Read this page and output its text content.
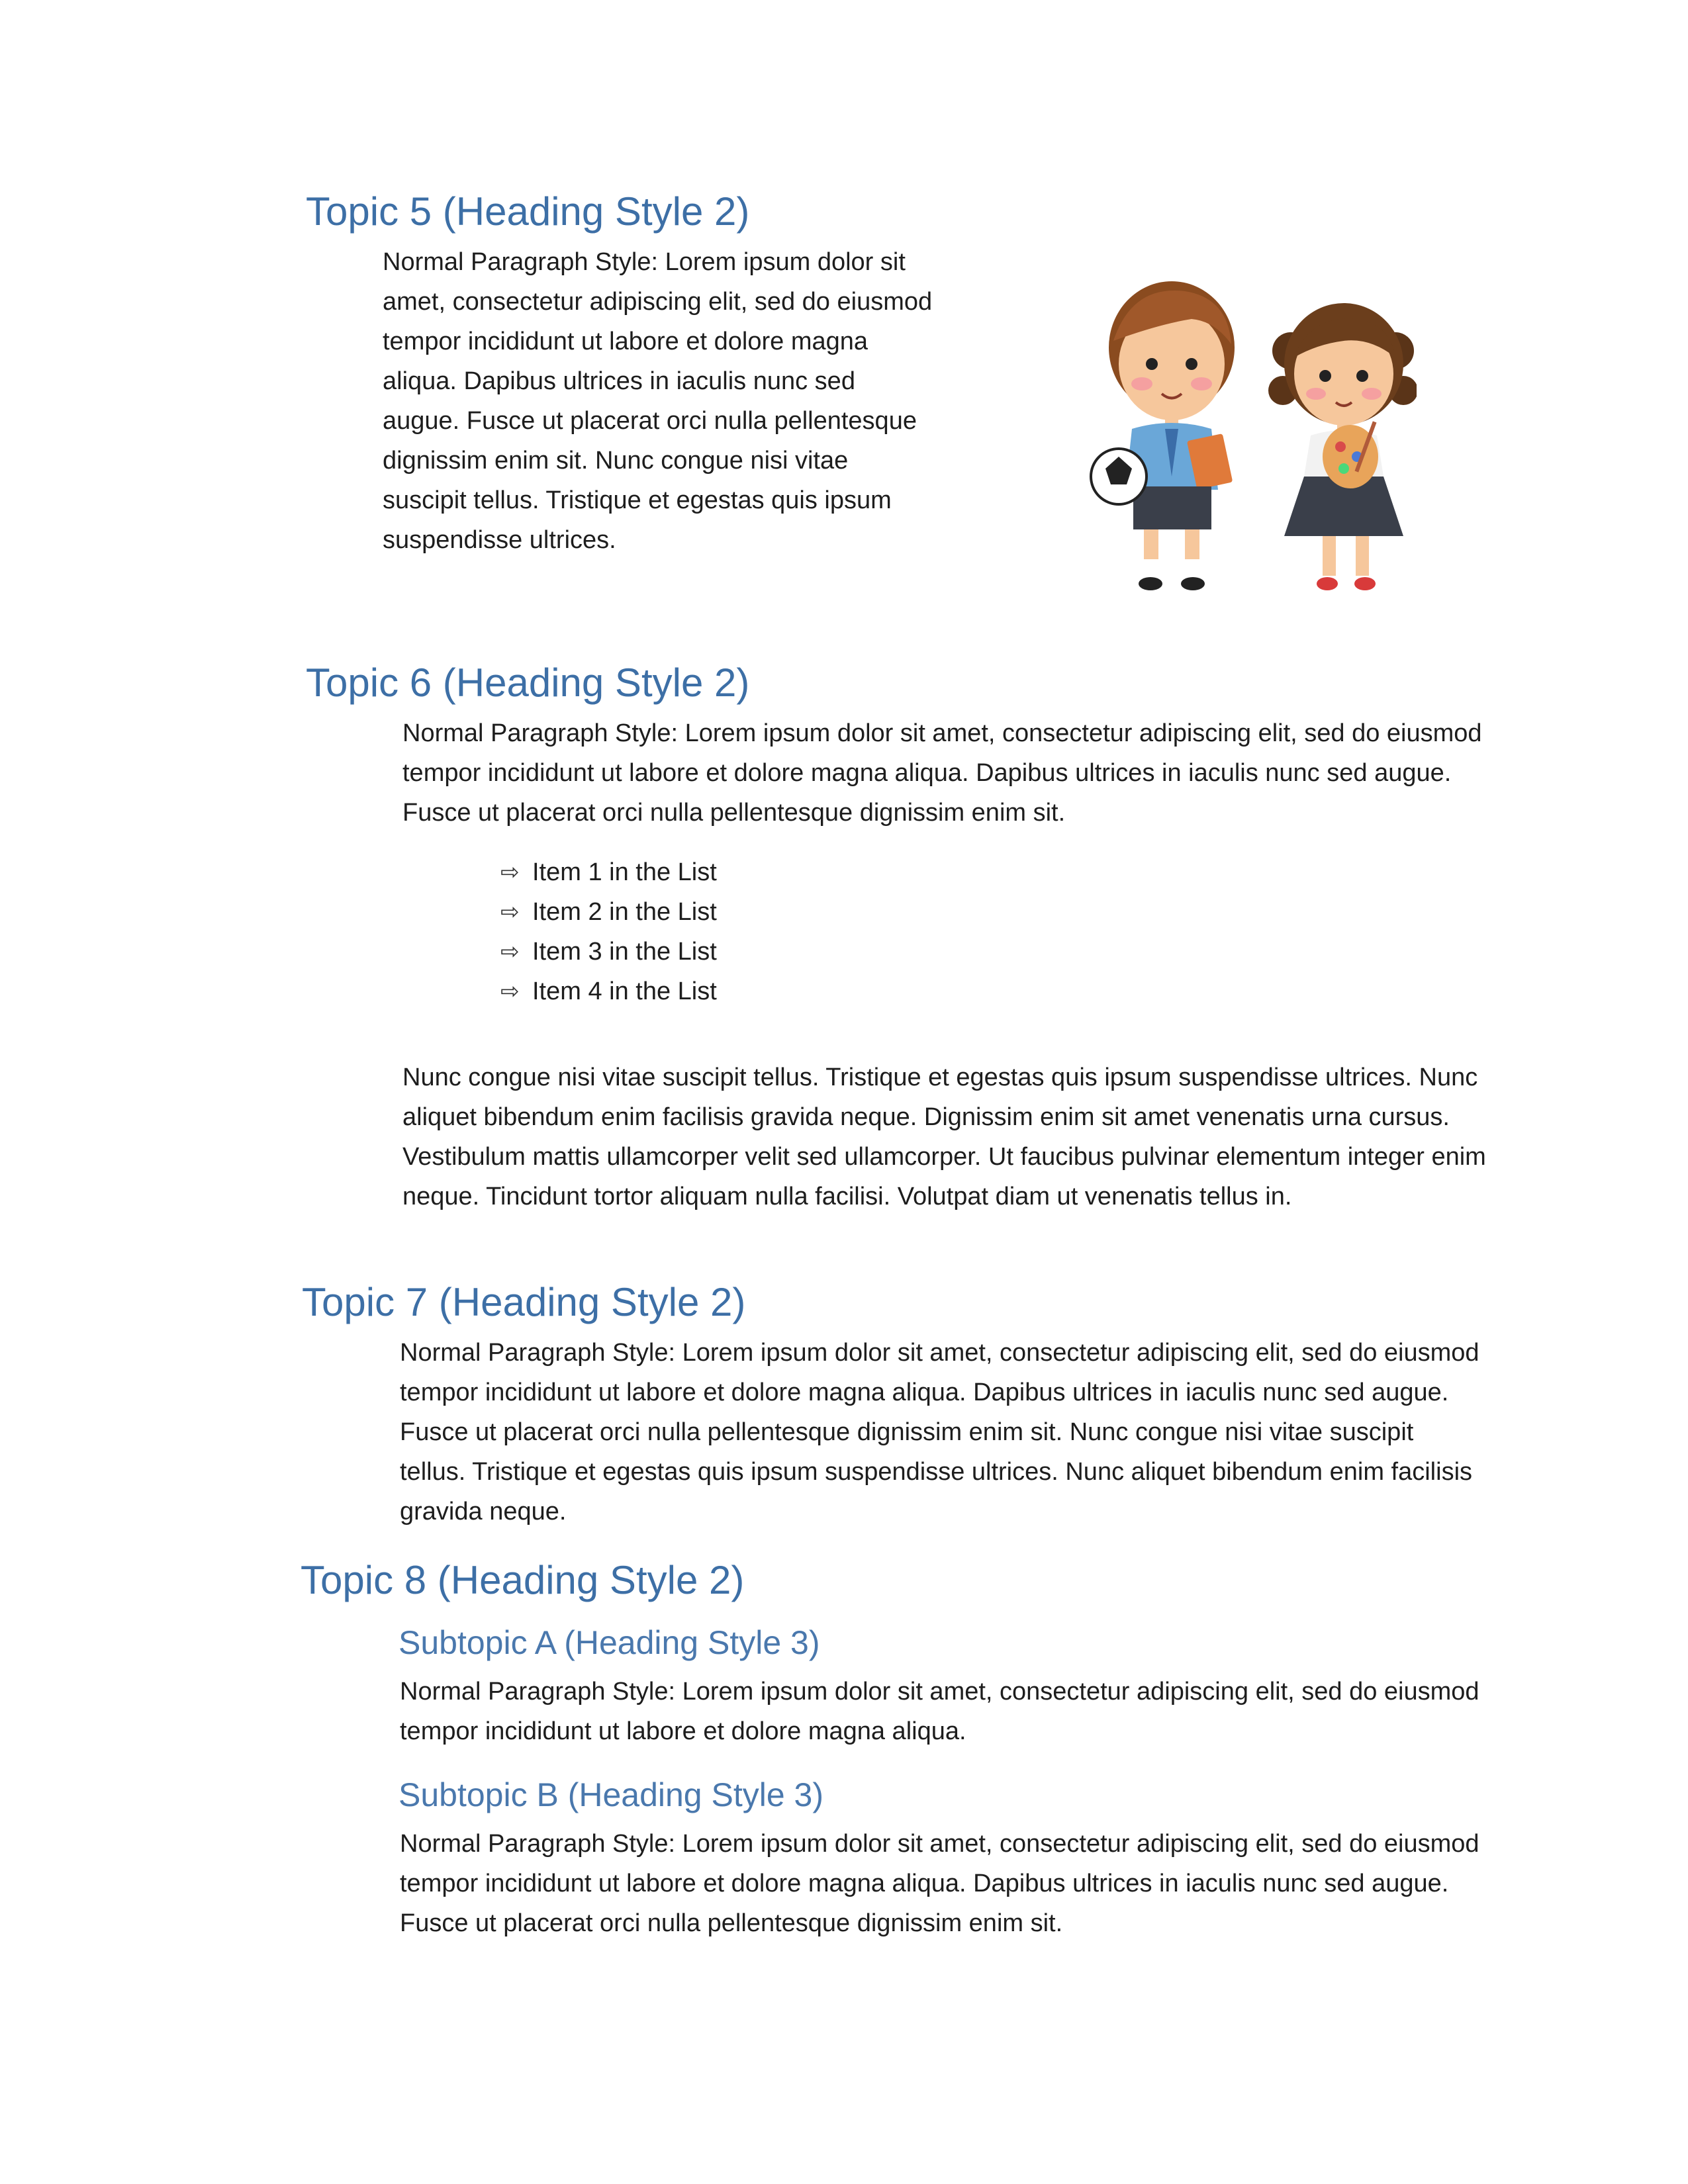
Topic 5 (Heading Style 2)

Normal Paragraph Style: Lorem ipsum dolor sit amet, consectetur adipiscing elit, sed do eiusmod tempor incididunt ut labore et dolore magna aliqua. Dapibus ultrices in iaculis nunc sed augue. Fusce ut placerat orci nulla pellentesque dignissim enim sit. Nunc congue nisi vitae suscipit tellus. Tristique et egestas quis ipsum suspendisse ultrices.

Topic 6 (Heading Style 2)

Normal Paragraph Style: Lorem ipsum dolor sit amet, consectetur adipiscing elit, sed do eiusmod tempor incididunt ut labore et dolore magna aliqua. Dapibus ultrices in iaculis nunc sed augue. Fusce ut placerat orci nulla pellentesque dignissim enim sit.

⇨ Item 1 in the List
⇨ Item 2 in the List
⇨ Item 3 in the List
⇨ Item 4 in the List

Nunc congue nisi vitae suscipit tellus. Tristique et egestas quis ipsum suspendisse ultrices. Nunc aliquet bibendum enim facilisis gravida neque. Dignissim enim sit amet venenatis urna cursus. Vestibulum mattis ullamcorper velit sed ullamcorper. Ut faucibus pulvinar elementum integer enim neque. Tincidunt tortor aliquam nulla facilisi. Volutpat diam ut venenatis tellus in.

Topic 7 (Heading Style 2)

Normal Paragraph Style: Lorem ipsum dolor sit amet, consectetur adipiscing elit, sed do eiusmod tempor incididunt ut labore et dolore magna aliqua. Dapibus ultrices in iaculis nunc sed augue. Fusce ut placerat orci nulla pellentesque dignissim enim sit. Nunc congue nisi vitae suscipit tellus. Tristique et egestas quis ipsum suspendisse ultrices. Nunc aliquet bibendum enim facilisis gravida neque.

Topic 8 (Heading Style 2)
Subtopic A (Heading Style 3)

Normal Paragraph Style: Lorem ipsum dolor sit amet, consectetur adipiscing elit, sed do eiusmod tempor incididunt ut labore et dolore magna aliqua.

Subtopic B (Heading Style 3)

Normal Paragraph Style: Lorem ipsum dolor sit amet, consectetur adipiscing elit, sed do eiusmod tempor incididunt ut labore et dolore magna aliqua. Dapibus ultrices in iaculis nunc sed augue. Fusce ut placerat orci nulla pellentesque dignissim enim sit.
